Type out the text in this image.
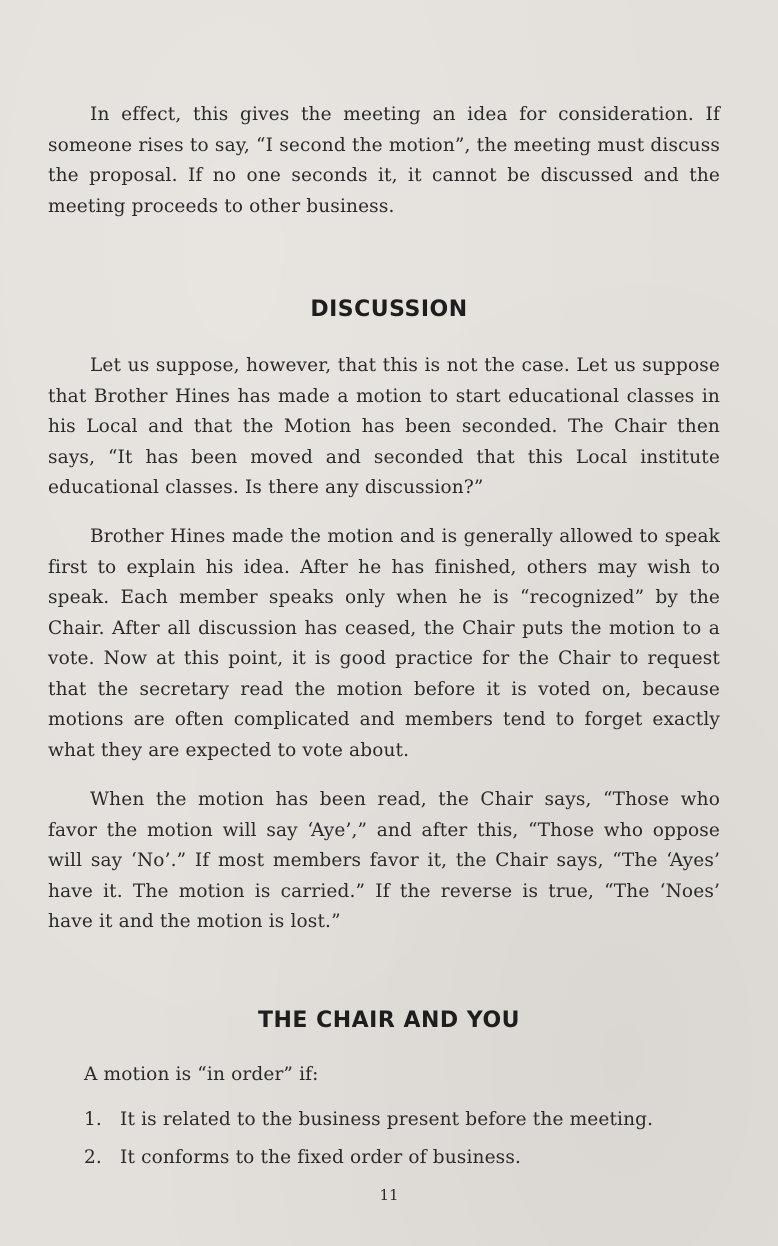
In effect, this gives the meeting an idea for consideration. If someone rises to say, “I second the motion”, the meeting must discuss the proposal. If no one seconds it, it cannot be discussed and the meeting proceeds to other business.

DISCUSSION

Let us suppose, however, that this is not the case. Let us suppose that Brother Hines has made a motion to start educational classes in his Local and that the Motion has been seconded. The Chair then says, “It has been moved and seconded that this Local institute educational classes. Is there any discussion?”

Brother Hines made the motion and is generally allowed to speak first to explain his idea. After he has finished, others may wish to speak. Each member speaks only when he is “recognized” by the Chair. After all discussion has ceased, the Chair puts the motion to a vote. Now at this point, it is good practice for the Chair to request that the secretary read the motion before it is voted on, because motions are often complicated and members tend to forget exactly what they are expected to vote about.

When the motion has been read, the Chair says, “Those who favor the motion will say ‘Aye’,” and after this, “Those who oppose will say ‘No’.” If most members favor it, the Chair says, “The ‘Ayes’ have it. The motion is carried.” If the reverse is true, “The ‘Noes’ have it and the motion is lost.”

THE CHAIR AND YOU

A motion is “in order” if:

1. It is related to the business present before the meeting.

2. It conforms to the fixed order of business.

11
